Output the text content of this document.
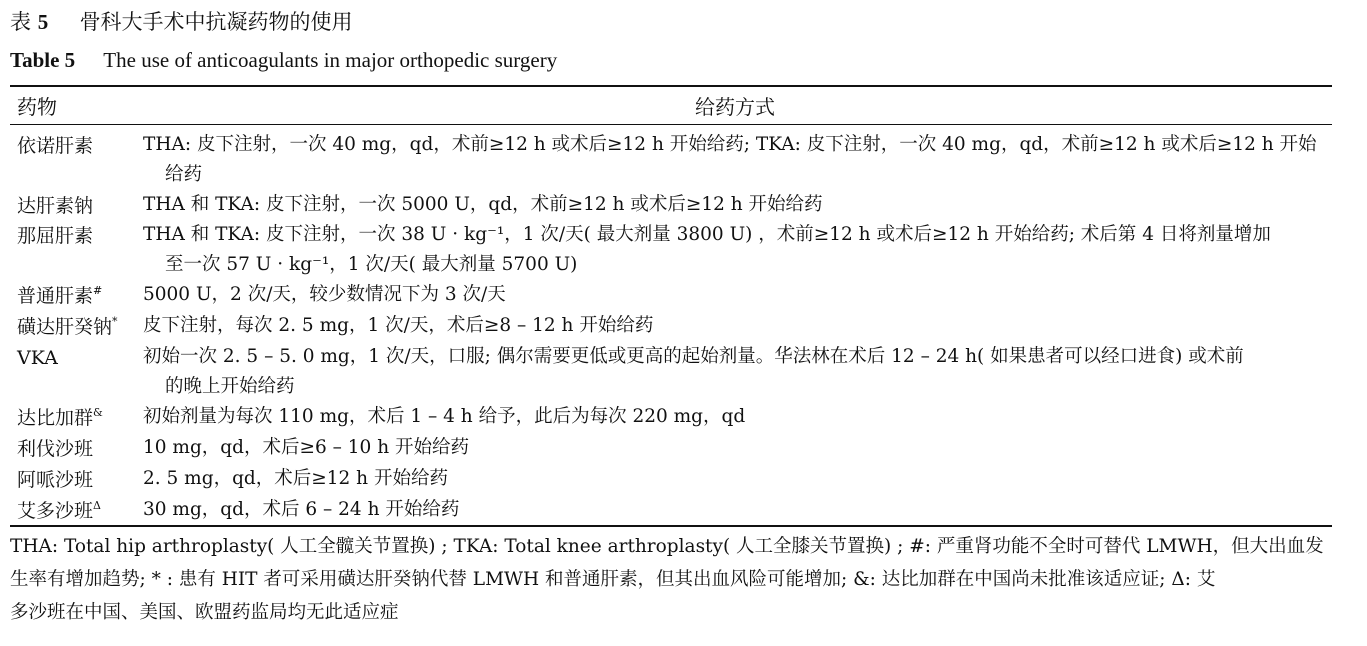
表 5 骨科大手术中抗凝药物的使用
Table 5 The use of anticoagulants in major orthopedic surgery
药物	给药方式
依诺肝素	THA: 皮下注射，一次 40 mg，qd，术前≥12 h 或术后≥12 h 开始给药; TKA: 皮下注射，一次 40 mg，qd，术前≥12 h 或术后≥12 h 开始
给药
达肝素钠	THA 和 TKA: 皮下注射，一次 5000 U，qd，术前≥12 h 或术后≥12 h 开始给药
那屈肝素	THA 和 TKA: 皮下注射，一次 38 U · kg⁻¹，1 次/天( 最大剂量 3800 U) ，术前≥12 h 或术后≥12 h 开始给药; 术后第 4 日将剂量增加
至一次 57 U · kg⁻¹，1 次/天( 最大剂量 5700 U)
普通肝素# 5000 U，2 次/天，较少数情况下为 3 次/天
磺达肝癸钠* 皮下注射，每次 2. 5 mg，1 次/天，术后≥8 – 12 h 开始给药
VKA	初始一次 2. 5 – 5. 0 mg，1 次/天，口服; 偶尔需要更低或更高的起始剂量。华法林在术后 12 – 24 h( 如果患者可以经口进食) 或术前
的晚上开始给药
达比加群& 初始剂量为每次 110 mg，术后 1 – 4 h 给予，此后为每次 220 mg，qd
利伐沙班	10 mg，qd，术后≥6 – 10 h 开始给药
阿哌沙班	2. 5 mg，qd，术后≥12 h 开始给药
艾多沙班$^\Delta$ 30 mg，qd，术后 6 – 24 h 开始给药
THA: Total hip arthroplasty( 人工全髋关节置换) ; TKA: Total knee arthroplasty( 人工全膝关节置换) ; #: 严重肾功能不全时可替代 LMWH，但大出血发
生率有增加趋势; * : 患有 HIT 者可采用磺达肝癸钠代替 LMWH 和普通肝素，但其出血风险可能增加; &: 达比加群在中国尚未批准该适应证; Δ: 艾
多沙班在中国、美国、欧盟药监局均无此适应症
